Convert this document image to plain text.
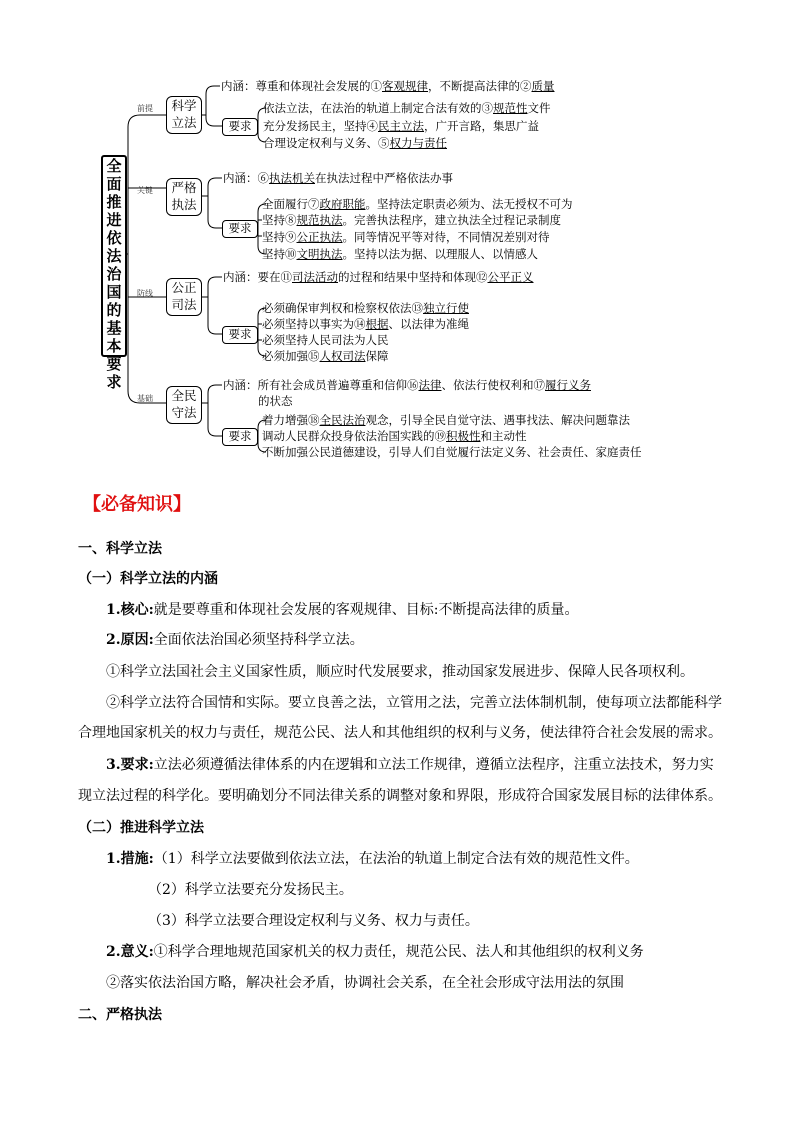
全
面
推
进
依
法
治
国
的
基
本
要
求
前提
关键
防线
基础
科学
立法
严格
执法
公正
司法
全民
守法
要求
要求
要求
要求
内涵：尊重和体现社会发展的①客观规律，不断提高法律的②质量
依法立法，在法治的轨道上制定合法有效的③规范性文件
充分发扬民主，坚持④民主立法，广开言路，集思广益
合理设定权利与义务、⑤权力与责任
内涵：⑥执法机关在执法过程中严格依法办事
全面履行⑦政府职能。坚持法定职责必须为、法无授权不可为
坚持⑧规范执法。完善执法程序，建立执法全过程记录制度
坚持⑨公正执法。同等情况平等对待，不同情况差别对待
坚持⑩文明执法。坚持以法为据、以理服人、以情感人
内涵：要在⑪司法活动的过程和结果中坚持和体现⑫公平正义
必须确保审判权和检察权依法⑬独立行使
必须坚持以事实为⑭根据、以法律为准绳
必须坚持人民司法为人民
必须加强⑮人权司法保障
内涵：所有社会成员普遍尊重和信仰⑯法律、依法行使权利和⑰履行义务
的状态
着力增强⑱全民法治观念，引导全民自觉守法、遇事找法、解决问题靠法
调动人民群众投身依法治国实践的⑲积极性和主动性
不断加强公民道德建设，引导人们自觉履行法定义务、社会责任、家庭责任
【必备知识】
一、科学立法
（一）科学立法的内涵
1.核心:就是要尊重和体现社会发展的客观规律、目标:不断提高法律的质量。
2.原因:全面依法治国必须坚持科学立法。
①科学立法国社会主义国家性质，顺应时代发展要求，推动国家发展进步、保障人民各项权利。
②科学立法符合国情和实际。要立良善之法，立管用之法，完善立法体制机制，使每项立法都能科学
合理地国家机关的权力与责任，规范公民、法人和其他组织的权利与义务，使法律符合社会发展的需求。
3.要求:立法必须遵循法律体系的内在逻辑和立法工作规律，遵循立法程序，注重立法技术，努力实
现立法过程的科学化。要明确划分不同法律关系的调整对象和界限，形成符合国家发展目标的法律体系。
（二）推进科学立法
1.措施:（1）科学立法要做到依法立法，在法治的轨道上制定合法有效的规范性文件。
（2）科学立法要充分发扬民主。
（3）科学立法要合理设定权利与义务、权力与责任。
2.意义:①科学合理地规范国家机关的权力责任，规范公民、法人和其他组织的权利义务
②落实依法治国方略，解决社会矛盾，协调社会关系，在全社会形成守法用法的氛围
二、严格执法
